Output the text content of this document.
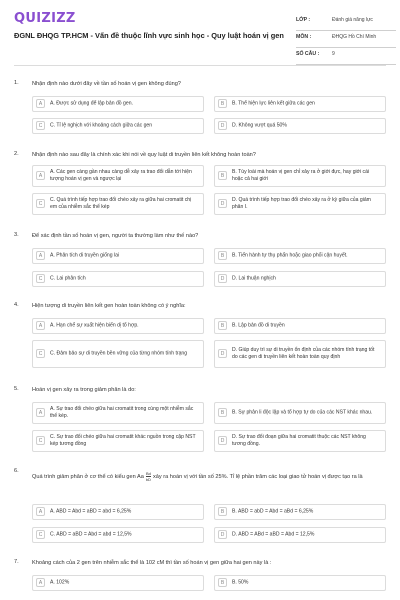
QUIZIZZ
ĐGNL ĐHQG TP.HCM - Vấn đề thuộc lĩnh vực sinh học - Quy luật hoán vị gen
LỚP :	Đánh giá năng lực
MÔN :	ĐHQG Hồ Chí Minh
SỐ CÂU :	9
1. Nhận định nào dưới đây về tần số hoán vị gen không đúng?
A	A. Được sử dụng để lập bản đồ gen.	B	B. Thể hiện lực liên kết giữa các gen
C	C. Tỉ lệ nghịch với khoảng cách giữa các gen	D	D. Không vượt quá 50%
2. Nhận định nào sau đây là chính xác khi nói về quy luật di truyền liên kết không hoàn toàn?
A
A. Các gen càng gần nhau càng dễ xảy ra trao đổi dẫn tới hiện tượng hoán vị gen và ngược lại	B
B. Tùy loài mà hoán vị gen chỉ xảy ra ở giới đực, hay giới cái hoặc cả hai giới
C
C. Quá trình tiếp hợp trao đổi chéo xảy ra giữa hai cromatit chị em của nhiễm sắc thể kép	D
D. Quá trình tiếp hợp trao đổi chéo xảy ra ở kỳ giữa của giảm phân I.
3. Để xác định tần số hoán vị gen, người ta thường làm như thế nào?
A	A. Phân tích di truyền giống lai	B	B. Tiến hành tự thụ phấn hoặc giao phối cận huyết.
C	C. Lai phân tích	D	D. Lai thuận nghịch
4. Hiện tượng di truyền liên kết gen hoàn toàn không có ý nghĩa:
A	A. Hạn chế sự xuất hiện biến dị tổ hợp.	B	B. Lập bản đồ di truyền
C	C. Đảm bảo sự di truyền bền vững của từng nhóm tính trạng	D
D. Giúp duy trì sự di truyền ổn định của các nhóm tính trạng tốt do các gen di truyền liên kết hoàn toàn quy định
5. Hoán vị gen xảy ra trong giảm phân là do:
A
A. Sự trao đổi chéo giữa hai cromatit trong cùng một nhiễm sắc thể kép.	B	B. Sự phân li độc lập và tổ hợp tự do của các NST khác nhau.
C
C. Sự trao đổi chéo giữa hai cromatit khác nguồn trong cặp NST kép tương đồng	D
D. Sự trao đổi đoạn giữa hai cromatit thuộc các NST không tương đồng.
6.
Quá trình giảm phân ở cơ thể có kiểu gen Aa $\frac{Bd}{bD}$ xảy ra hoán vị với tần số 25%. Tỉ lệ phần trăm các loại giao tử hoán vị được tạo ra là
A	A. ABD = Abd = aBD = abd = 6,25%	B	B. ABD = abD = Abd = aBd = 6,25%
C	C. ABD = aBD = Abd = abd = 12,5%	D	D. ABD = ABd = aBD = Abd = 12,5%
7. Khoảng cách của 2 gen trên nhiễm sắc thể là 102 cM thì tần số hoán vị gen giữa hai gen này là :
A	A. 102%	B	B. 50%
